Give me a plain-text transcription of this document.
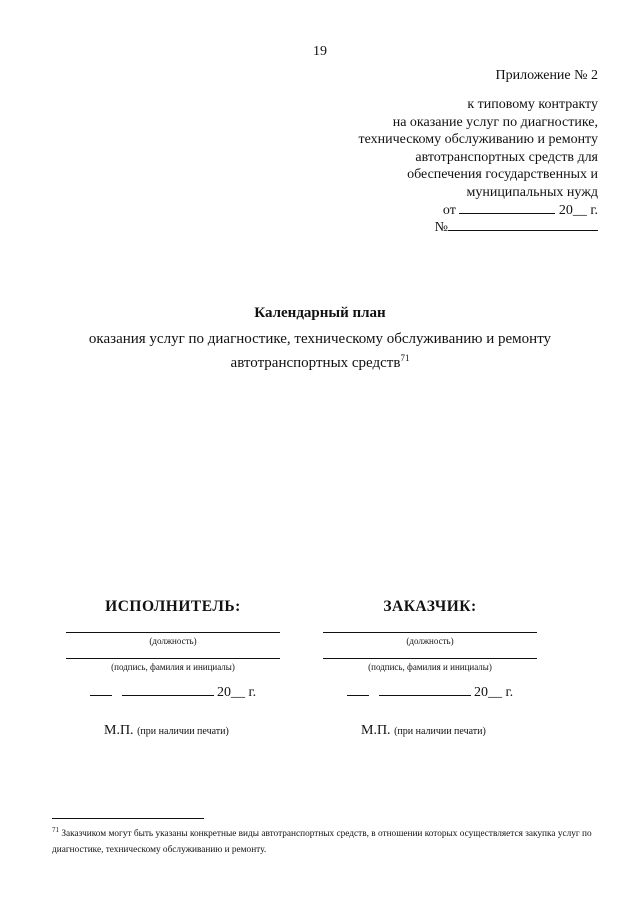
19
Приложение № 2
к типовому контракту
на оказание услуг по диагностике,
техническому обслуживанию и ремонту
автотранспортных средств для
обеспечения государственных и
муниципальных нужд
от	20__ г.
№
Календарный план
оказания услуг по диагностике, техническому обслуживанию и ремонту
автотранспортных средств$^{71}$
ИСПОЛНИТЕЛЬ:
(должность)
(подпись, фамилия и инициалы)
20__ г.
М.П. (при наличии печати)
ЗАКАЗЧИК:
(должность)
(подпись, фамилия и инициалы)
20__ г.
М.П. (при наличии печати)
$^{71}$ Заказчиком могут быть указаны конкретные виды автотранспортных средств, в отношении которых осуществляется закупка услуг по диагностике, техническому обслуживанию и ремонту.
